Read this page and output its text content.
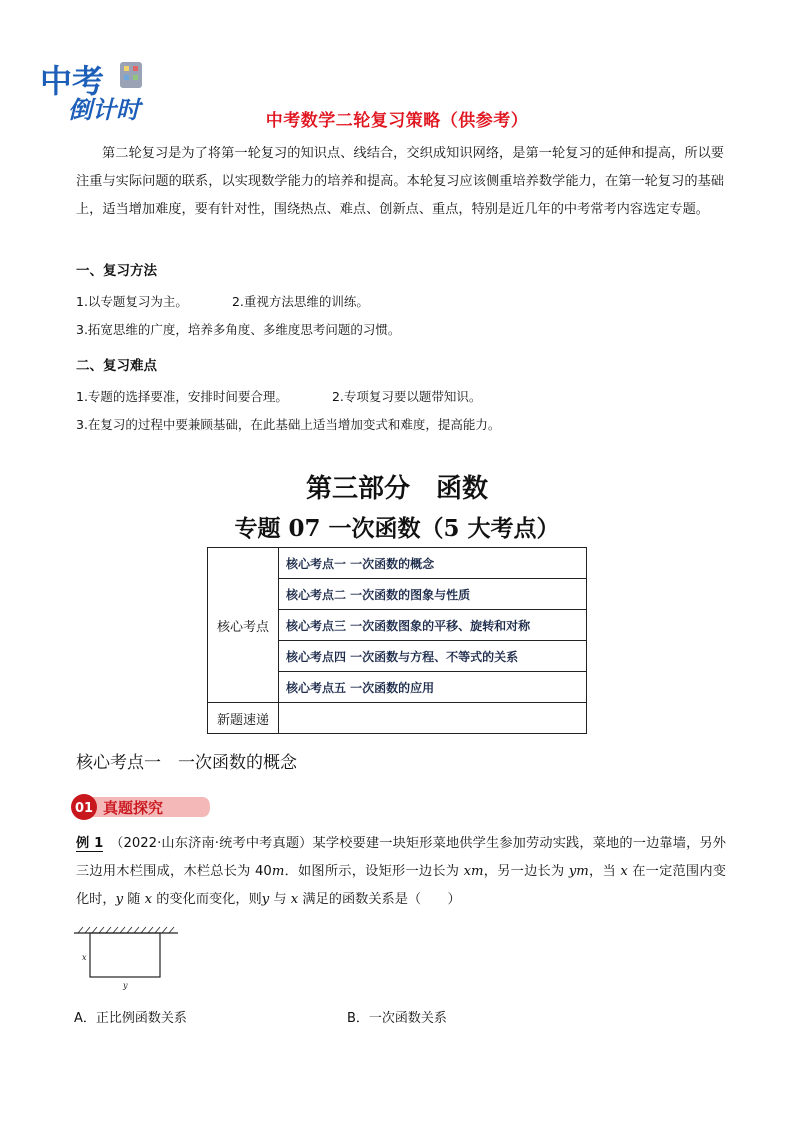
中考
倒计时	中考数学二轮复习策略（供参考）
第二轮复习是为了将第一轮复习的知识点、线结合，交织成知识网络，是第一轮复习的延伸和提高，所以要注重与实际问题的联系，以实现数学能力的培养和提高。本轮复习应该侧重培养数学能力，在第一轮复习的基础上，适当增加难度，要有针对性，围绕热点、难点、创新点、重点，特别是近几年的中考常考内容选定专题。
一、复习方法
1.以专题复习为主。	2.重视方法思维的训练。
3.拓宽思维的广度，培养多角度、多维度思考问题的习惯。
二、复习难点
1.专题的选择要准，安排时间要合理。	2.专项复习要以题带知识。
3.在复习的过程中要兼顾基础，在此基础上适当增加变式和难度，提高能力。
第三部分　函数
专题 07 一次函数（5 大考点）
核心考点	核心考点一 一次函数的概念
	核心考点二 一次函数的图象与性质
	核心考点三 一次函数图象的平移、旋转和对称
	核心考点四 一次函数与方程、不等式的关系
	核心考点五 一次函数的应用
新题速递	
核心考点一　一次函数的概念
01 真题探究
例 1　 （2022·山东济南·统考中考真题）某学校要建一块矩形菜地供学生参加劳动实践，菜地的一边靠墙，另外三边用木栏围成，木栏总长为 40m．如图所示，设矩形一边长为 xm，另一边长为 ym，当 x 在一定范围内变化时，y 随 x 的变化而变化，则y 与 x 满足的函数关系是（　　）
x
y
A．正比例函数关系	B．一次函数关系
